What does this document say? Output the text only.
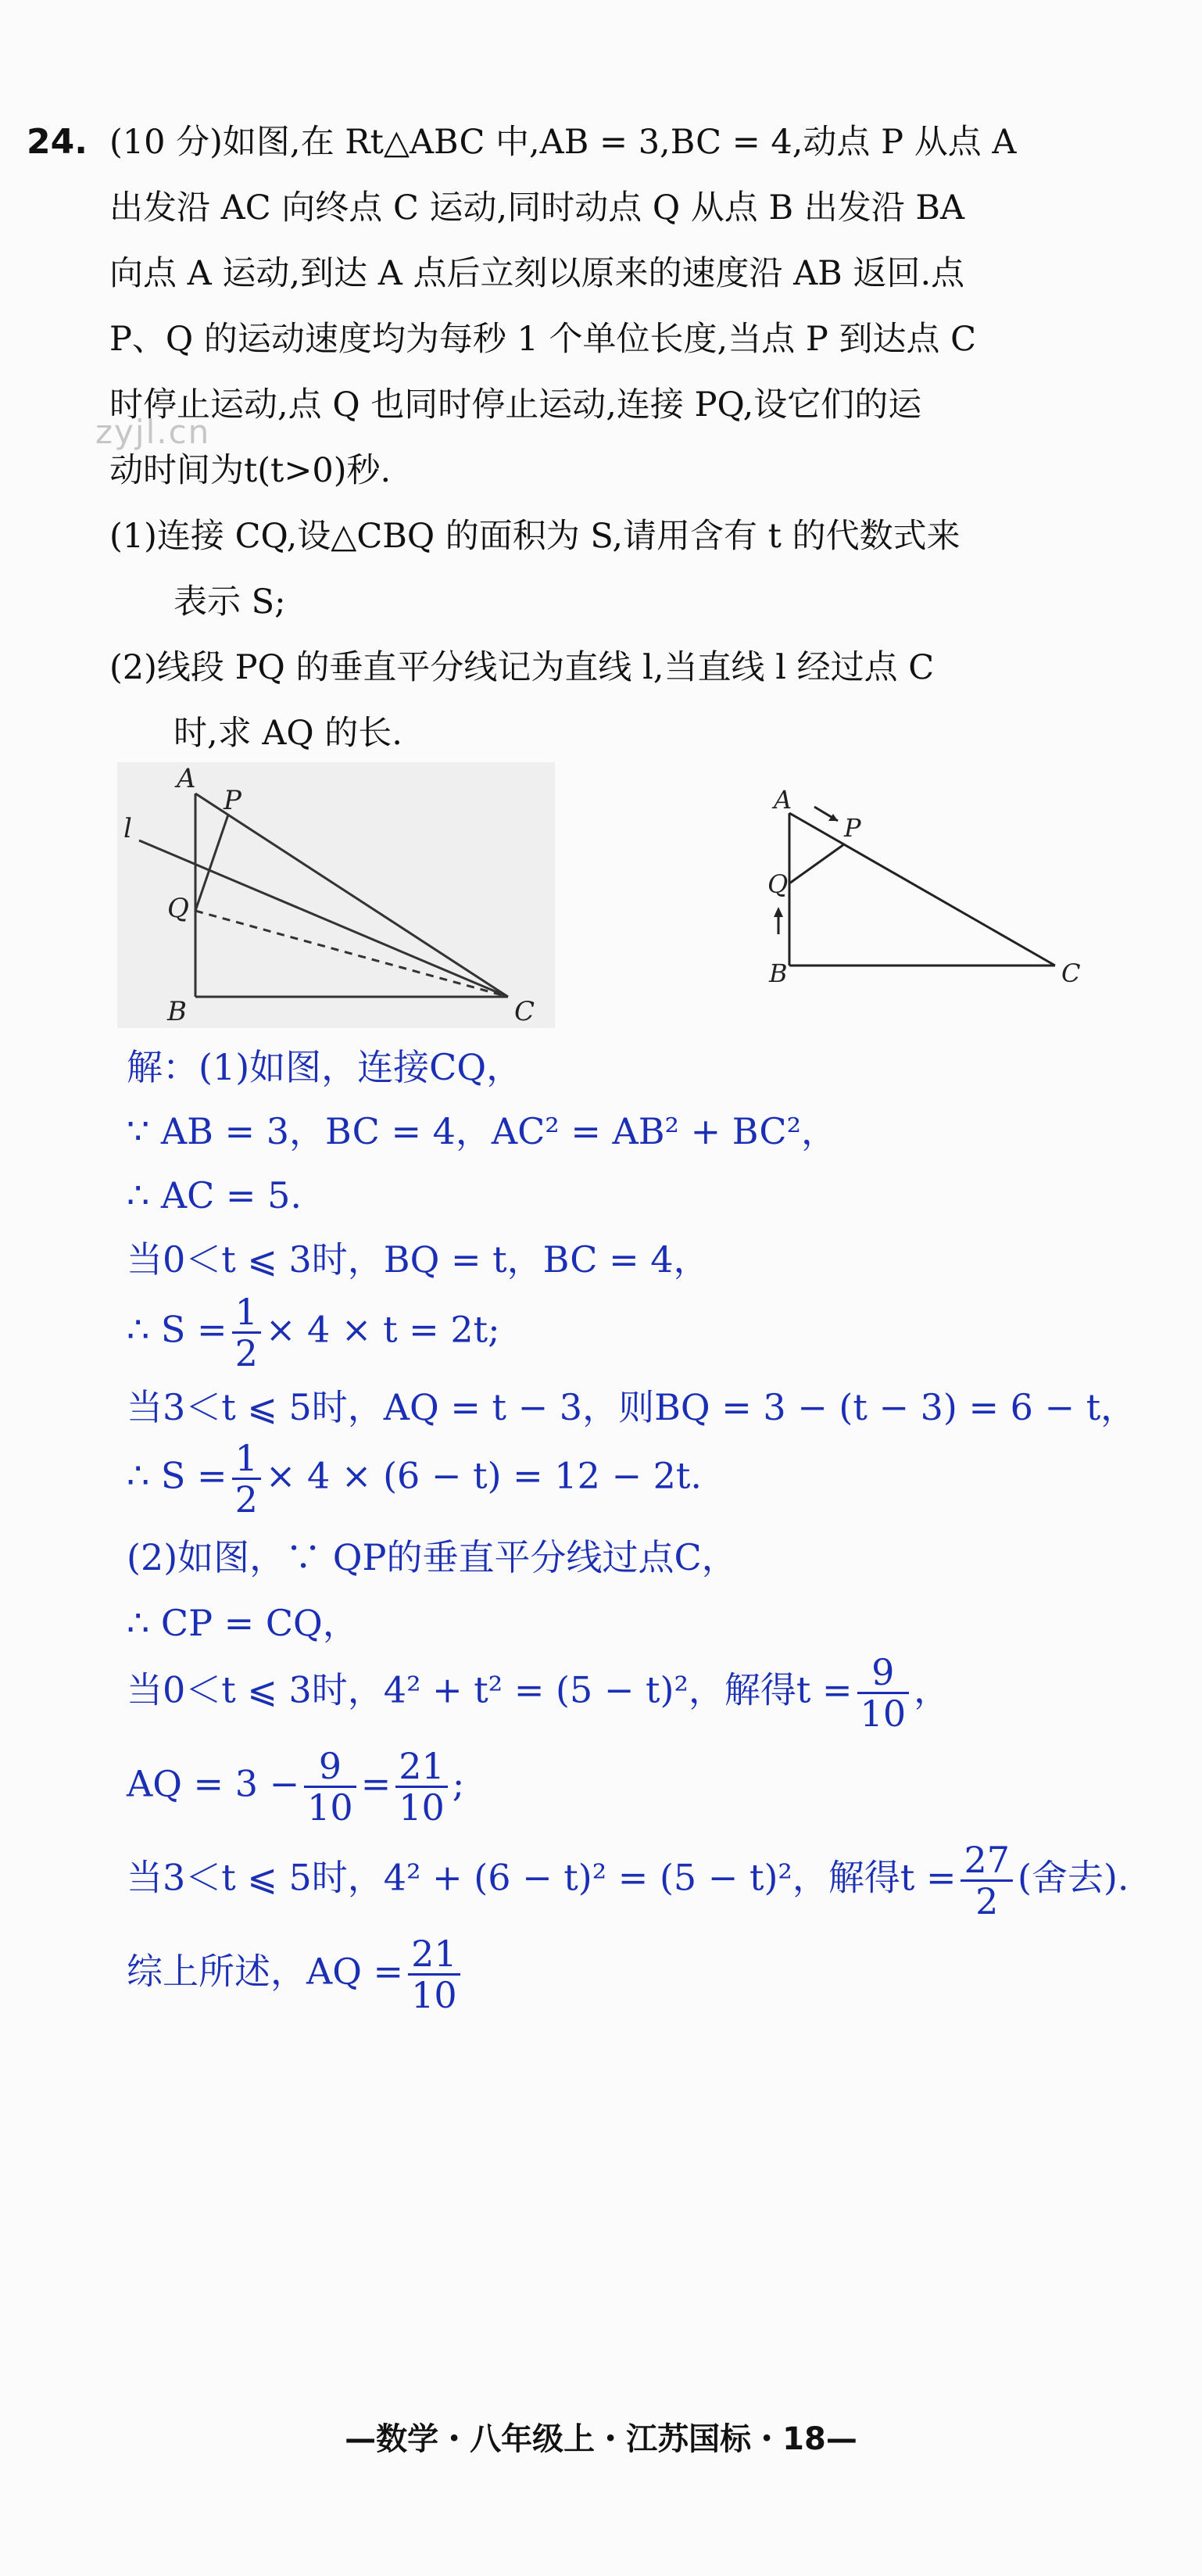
24. (10 分)如图,在 Rt△ABC 中,AB = 3,BC = 4,动点 P 从点 A
出发沿 AC 向终点 C 运动,同时动点 Q 从点 B 出发沿 BA
向点 A 运动,到达 A 点后立刻以原来的速度沿 AB 返回.点
P、Q 的运动速度均为每秒 1 个单位长度,当点 P 到达点 C
时停止运动,点 Q 也同时停止运动,连接 PQ,设它们的运
动时间为t(t>0)秒.
zyjl.cn
(1)连接 CQ,设△CBQ 的面积为 S,请用含有 t 的代数式来
表示 S;
(2)线段 PQ 的垂直平分线记为直线 l,当直线 l 经过点 C
时,求 AQ 的长.
A
P
l
Q
B	C
A
P
Q
B	C
解：(1)如图，连接CQ，
∵ AB = 3，BC = 4，AC² = AB² + BC²，
∴ AC = 5.
当0＜t ⩽ 3时，BQ = t，BC = 4，
∴ $S = \frac{1}{2} \times 4 \times t = 2t$;
当3＜t ⩽ 5时，AQ = t − 3，则BQ = 3 − (t − 3) = 6 − t，
∴ $S = \frac{1}{2} \times 4 \times (6 - t) = 12 - 2t$.
(2)如图，∵ QP的垂直平分线过点C，
∴ CP = CQ，
当0＜t ⩽ 3时，4² + t² = (5 − t)²，解得$t = \frac{9}{10}$ ，
AQ = $3 - \frac{9}{10} = \frac{21}{10}$ ;
当3＜t ⩽ 5时，4² + (6 − t)² = (5 − t)²，解得$t = \frac{27}{2}$ (舍去).
综上所述，AQ = $\frac{21}{10}$
—数学・八年级上・江苏国标・18—
